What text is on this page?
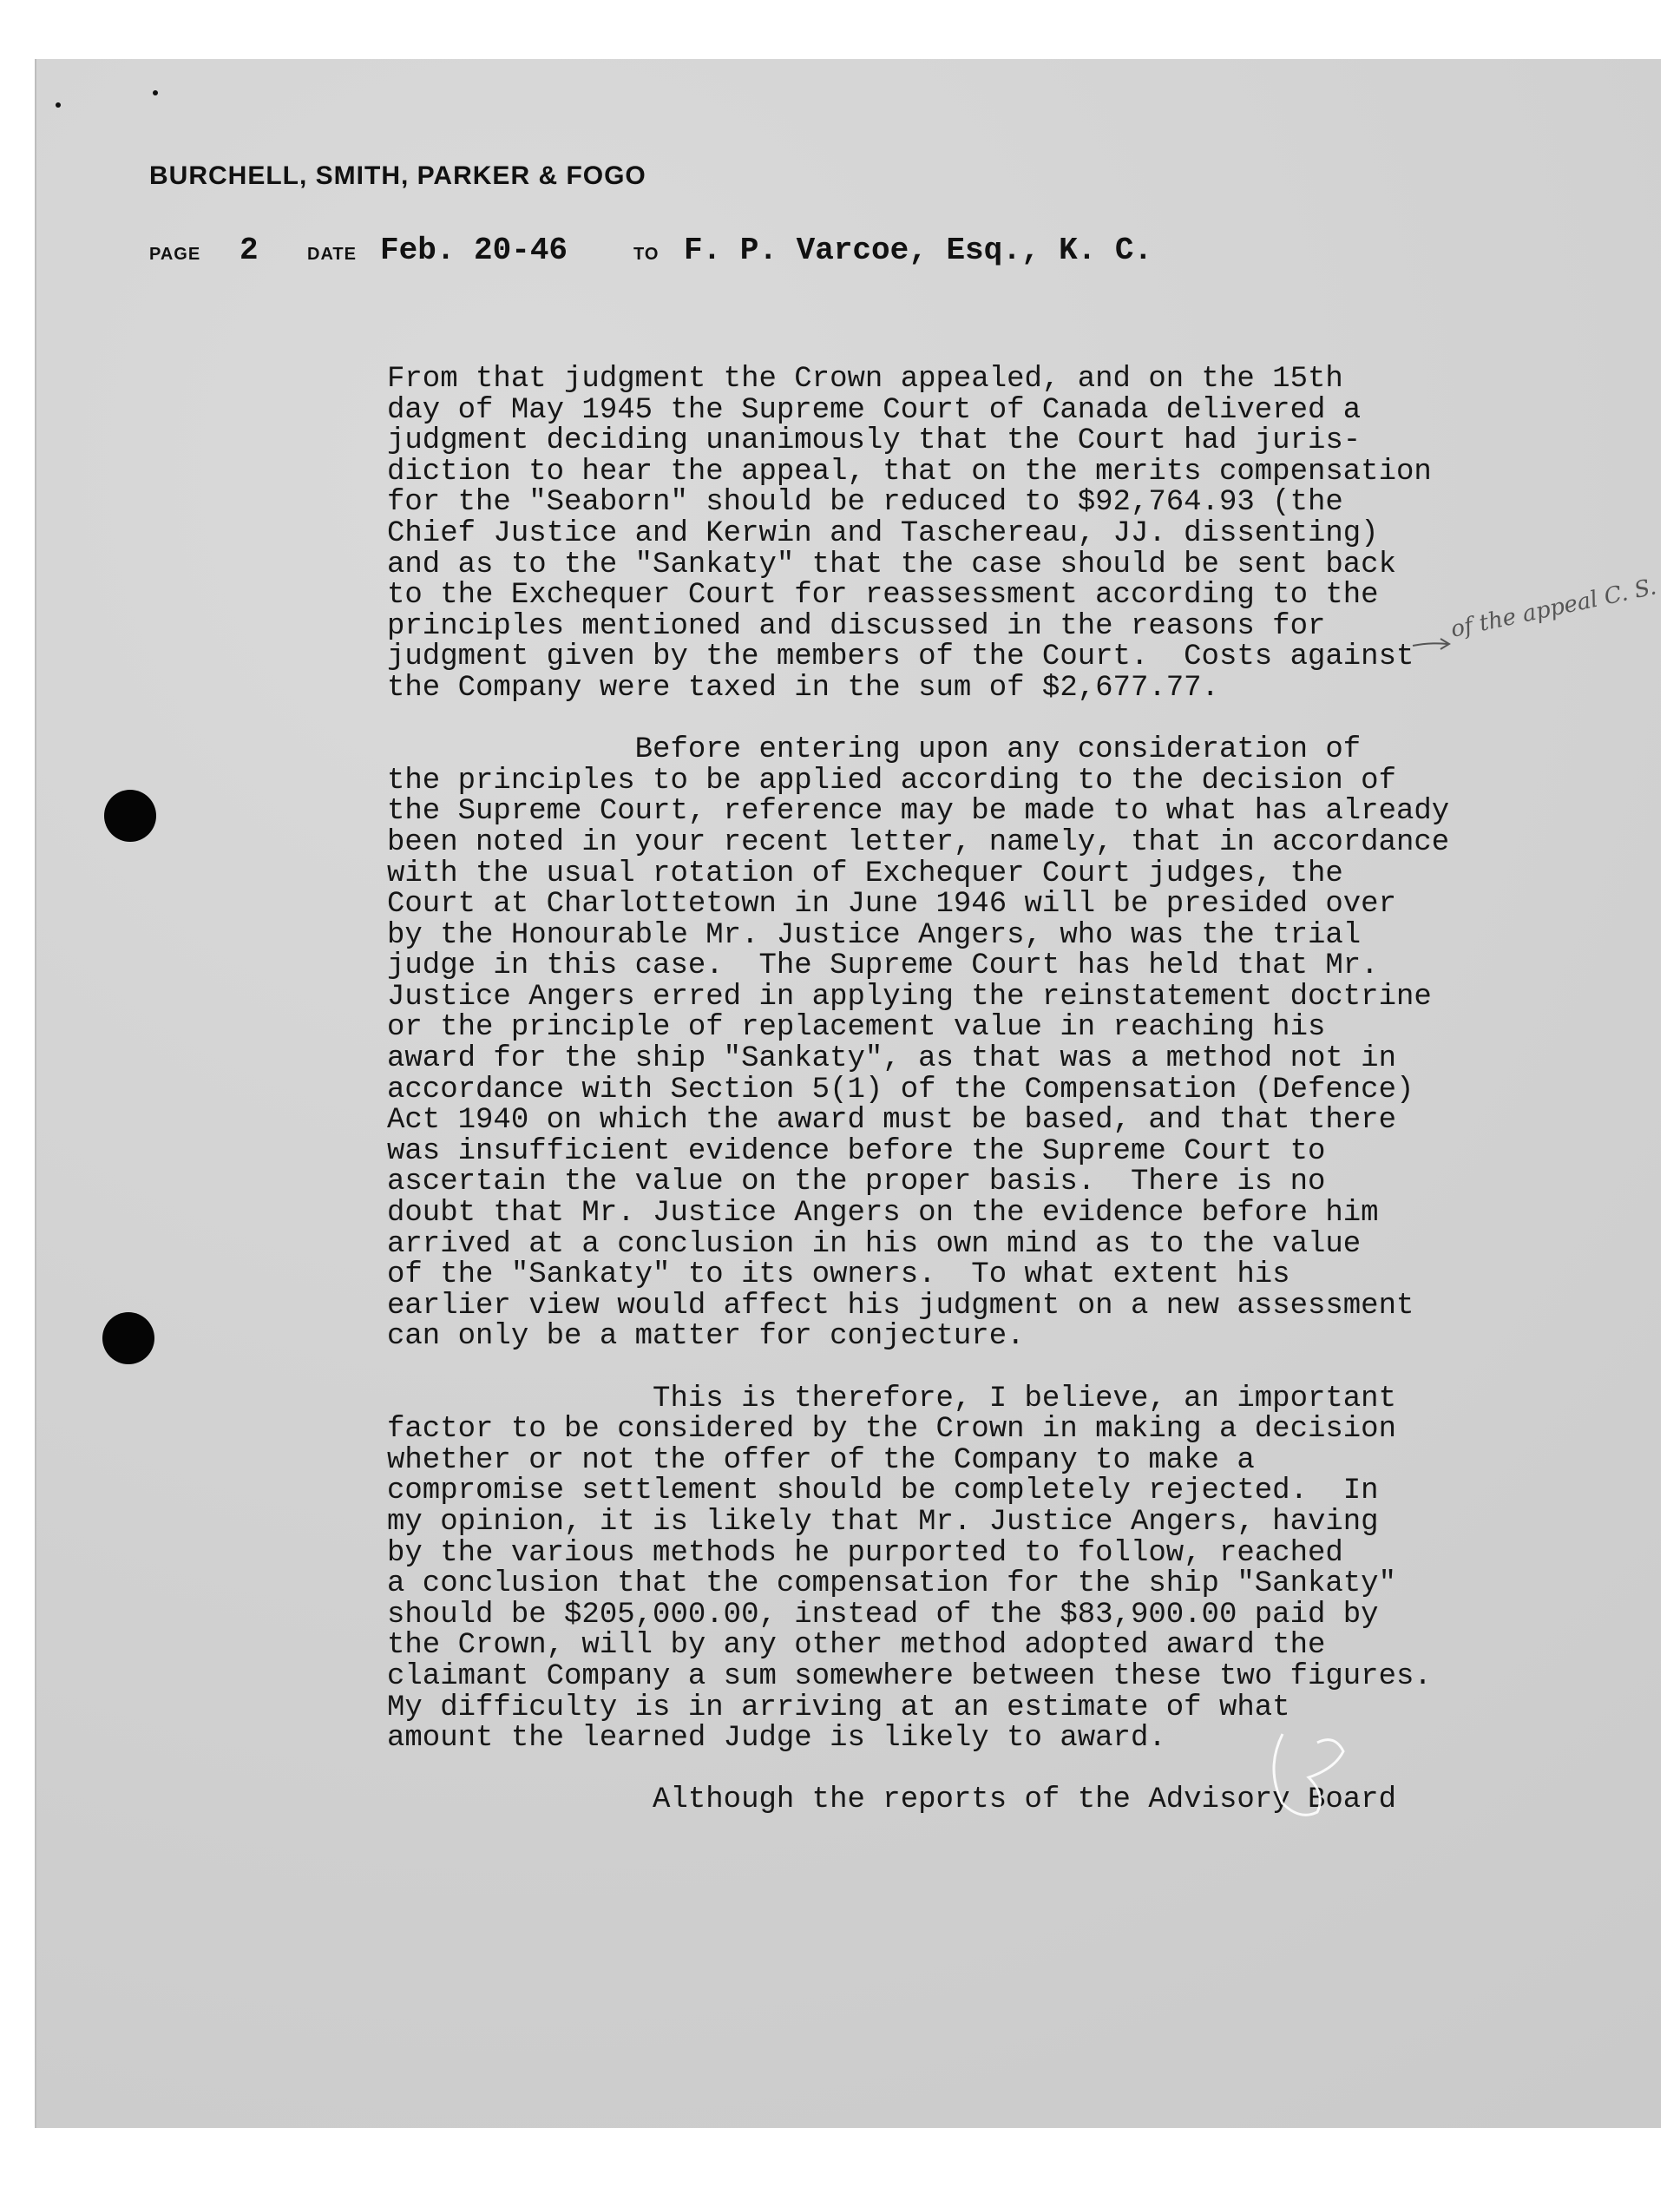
BURCHELL, SMITH, PARKER & FOGO
PAGE 2	DATE Feb. 20-46	TO F. P. Varcoe, Esq., K. C.
From that judgment the Crown appealed, and on the 15th
day of May 1945 the Supreme Court of Canada delivered a
judgment deciding unanimously that the Court had juris-
diction to hear the appeal, that on the merits compensation
for the "Seaborn" should be reduced to $92,764.93 (the
Chief Justice and Kerwin and Taschereau, JJ. dissenting)
and as to the "Sankaty" that the case should be sent back
to the Exchequer Court for reassessment according to the
principles mentioned and discussed in the reasons for
judgment given by the members of the Court.  Costs against
the Company were taxed in the sum of $2,677.77.
Before entering upon any consideration of
the principles to be applied according to the decision of
the Supreme Court, reference may be made to what has already
been noted in your recent letter, namely, that in accordance
with the usual rotation of Exchequer Court judges, the
Court at Charlottetown in June 1946 will be presided over
by the Honourable Mr. Justice Angers, who was the trial
judge in this case.  The Supreme Court has held that Mr.
Justice Angers erred in applying the reinstatement doctrine
or the principle of replacement value in reaching his
award for the ship "Sankaty", as that was a method not in
accordance with Section 5(1) of the Compensation (Defence)
Act 1940 on which the award must be based, and that there
was insufficient evidence before the Supreme Court to
ascertain the value on the proper basis.  There is no
doubt that Mr. Justice Angers on the evidence before him
arrived at a conclusion in his own mind as to the value
of the "Sankaty" to its owners.  To what extent his
earlier view would affect his judgment on a new assessment
can only be a matter for conjecture.
This is therefore, I believe, an important
factor to be considered by the Crown in making a decision
whether or not the offer of the Company to make a
compromise settlement should be completely rejected.  In
my opinion, it is likely that Mr. Justice Angers, having
by the various methods he purported to follow, reached
a conclusion that the compensation for the ship "Sankaty"
should be $205,000.00, instead of the $83,900.00 paid by
the Crown, will by any other method adopted award the
claimant Company a sum somewhere between these two figures.
My difficulty is in arriving at an estimate of what
amount the learned Judge is likely to award.
Although the reports of the Advisory Board
of the appeal C. S.
